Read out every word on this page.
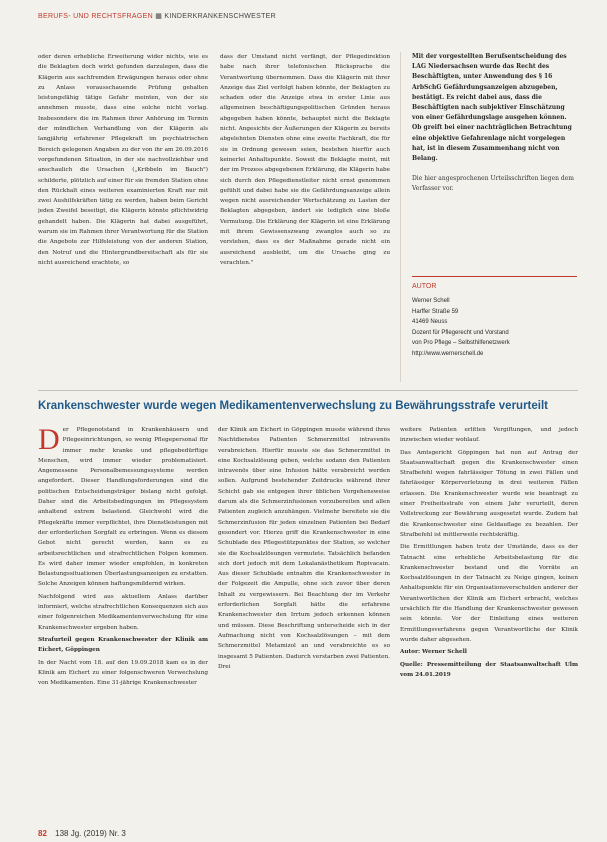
BERUFS- UND RECHTSFRAGEN ▦ KINDERKRANKENSCHWESTER

oder deren erhebliche Erweiterung wider nichts, wie es die Beklagten doch wirkt gefunden darzulegen, dass die Klägerin aus sachfremden Erwägungen heraus oder ohne zu Anlass vorausschauende Prüfung gehalten leistungsfähig tätige Gefahr meinten, von der sie annehmen musste, dass eine solche nicht vorlag. Insbesondere die im Rahmen ihrer Anhörung im Termin der mündlichen Verhandlung von der Klägerin als langjährig erfahrener Pflegekraft im psychiatrischen Bereich gelegenen Angaben zu der von ihr am 26.09.2016 vorgefundenen Situation, in der sie nachvollziehbar und anschaulich die Ursachen („Kribbeln im Bauch") schilderte, plötzlich auf einer für sie fremden Station ohne den Rückhalt eines weiteren examinierten Kraft nur mit zwei Aushilfskräften tätig zu werden, haben beim Gericht jeden Zweifel beseitigt, die Klägerin könnte pflichtwidrig gehandelt haben. Die Klägerin hat dabei ausgeführt, warum sie im Rahmen ihrer Verantwortung für die Station die Angebote zur Hilfeleistung von der anderen Station, den Notruf und die Hintergrundbereitschaft als für sie nicht ausreichend erachtete, so

dass der Umstand nicht verfängt, der Pflegedirektion habe nach ihrer telefonischen Rücksprache die Verantwortung übernommen. Dass die Klägerin mit ihrer Anzeige das Ziel verfolgt haben könnte, der Beklagten zu schaden oder die Anzeige etwa in erster Linie aus allgemeinen beschäftigungspolitischen Gründen heraus abgegeben haben könnte, behauptet nicht die Beklagte nicht. Angesichts der Äußerungen der Klägerin zu bereits abgelehnten Diensten ohne eine zweite Fachkraft, die für sie in Ordnung gewesen seien, bestehen hierfür auch keinerlei Anhaltspunkte. Soweit die Beklagte meint, mit der im Prozess abgegebenen Erklärung, die Klägerin habe sich durch den Pflegedienstleiter nicht ernst genommen gefühlt und dabei habe sie die Gefährdungsanzeige allein wegen nicht ausreichender Wertschätzung zu Lasten der Beklagten abgegeben, ändert sie lediglich eine bloße Vermutung. Die Erklärung der Klägerin ist eine Erklärung mit ihrem Gewissenszwang zwanglos auch so zu verstehen, dass es der Maßnahme gerade nicht ein ausreichend ausbleibt, um die Ursache ging zu verachten."

Mit der vorgestellten Berufsentscheidung des LAG Niedersachsen wurde das Recht des Beschäftigten, unter Anwendung des § 16 ArbSchG Gefährdungsanzeigen abzugeben, bestätigt. Es reicht dabei aus, dass die Beschäftigten nach subjektiver Einschätzung von einer Gefährdungslage ausgehen können. Ob greift bei einer nachträglichen Betrachtung eine objektive Gefahrenlage nicht vorgelegen hat, ist in diesem Zusammenhang nicht von Belang.
Die hier angesprochenen Urteilsschriften liegen dem Verfasser vor.
AUTOR
Werner Schell
Harffer Straße 59
41469 Neuss
Dozent für Pflegerecht und Vorstand
von Pro Pflege – Selbsthilfenetzwerk
http://www.wernerschell.de
Krankenschwester wurde wegen Medikamentenverwechslung zu Bewährungsstrafe verurteilt

Der Pflegenotstand in Krankenhäusern und Pflegeeinrichtungen, so wenig Pflegepersonal für immer mehr kranke und pflegebedürftige Menschen, wird immer wieder problematisiert. Angemessene Personalbemessungssysteme werden angefordert. Dieser Handlungsforderungen sind die politischen Entscheidungsträger bislang nicht gefolgt. Daher sind die Arbeitsbedingungen im Pflegesystem anhaltend extrem belastend. Gleichwohl wird die Pflegekräfte immer verpflichtet, ihre Dienstleistungen mit der erforderlichen Sorgfalt zu erbringen. Wenn es diesem Gebot nicht gerecht werden, kann es zu arbeitsrechtlichen und strafrechtlichen Folgen kommen. Es wird daher immer wieder empfohlen, in konkreten Belastungssituationen Überlastungsanzeigen zu erstatten. Solche Anzeigen können haftungsmildernd wirken.

Nachfolgend wird aus aktuellem Anlass darüber informiert, welche strafrechtlichen Konsequenzen sich aus einer folgenreichen Medikamentenverwechslung für eine Krankenschwester ergeben haben.

Strafurteil gegen Krankenschwester der Klinik am Eichert, Göppingen

In der Nacht vom 18. auf den 19.09.2018 kam es in der Klinik am Eichert zu einer folgenschweren Verwechslung von Medikamenten. Eine 31-jährige Krankenschwester

der Klinik am Eichert in Göppingen musste während ihres Nachtdienstes Patienten Schmerzmittel intravenös verabreichen. Hierfür musste sie das Schmerzmittel in eine Kochsalzlösung geben, welche sodann den Patienten intravenös über eine Infusion hätte verabreicht werden sollen. Aufgrund bestehender Zeitdrucks während ihrer Schicht gab sie entgegen ihrer üblichen Vorgehensweise darum als die Schmerzinfusionen vorzubereiten und allen Patienten zugleich anzuhängen. Vielmehr bereitete sie die Schmerzinfusion für jeden einzelnen Patienten bei Bedarf gesondert vor. Hierzu griff die Krankenschwester in eine Schublade des Pflegestützpunktes der Station, so welcher sie die Kochsalzlösungen vermutete. Tatsächlich befanden sich dort jedoch mit dem Lokalanästhetikum Ropivacain. Aus dieser Schublade entnahm die Krankenschwester in der Folgezeit die Ampulle, ohne sich zuvor über deren Inhalt zu vergewissern. Bei Beachtung der im Verkehr erforderlichen Sorgfalt hätte die erfahrene Krankenschwester den Irrtum jedoch erkennen können und müssen. Diese Beschriftung unterscheide sich in der Aufmachung nicht von Kochsalzlösungen – mit dem Schmerzmittel Metamizol an und verabreichte es so insgesamt 5 Patienten. Dadurch verstarben zwei Patienten. Drei

weitere Patienten erlitten Vergiftungen, und jedoch inzwischen wieder wohlauf.

Das Amtsgericht Göppingen hat nun auf Antrag der Staatsanwaltschaft gegen die Krankenschwester einen Strafbefehl wegen fahrlässiger Tötung in zwei Fällen und fahrlässiger Körperverletzung in drei weiteren Fällen erlassen. Die Krankenschwester wurde wie beantragt zu einer Freiheitsstrafe von einem Jahr verurteilt, deren Vollstreckung zur Bewährung ausgesetzt wurde. Zudem hat die Krankenschwester eine Geldauflage zu bezahlen. Der Strafbefehl ist mittlerweile rechtskräftig.

Die Ermittlungen haben trotz der Umstände, dass es der Tatnacht eine erhebliche Arbeitsbelastung für die Krankenschwester bestand und die Vorräte an Kochsalzlösungen in der Tatnacht zu Neige gingen, keinen Anhaltspunkte für ein Organisationsverschulden anderer der Verantwortlichen der Klinik am Eichert erbracht, welches ursächlich für die Handlung der Krankenschwester gewesen sein könnte. Vor der Einleitung eines weiteren Ermittlungsverfahrens gegen Verantwortliche der Klinik wurde daher abgesehen.

Autor: Werner Schell

Quelle: Pressemitteilung der Staatsanwaltschaft Ulm vom 24.01.2019

82 138 Jg. (2019) Nr. 3
